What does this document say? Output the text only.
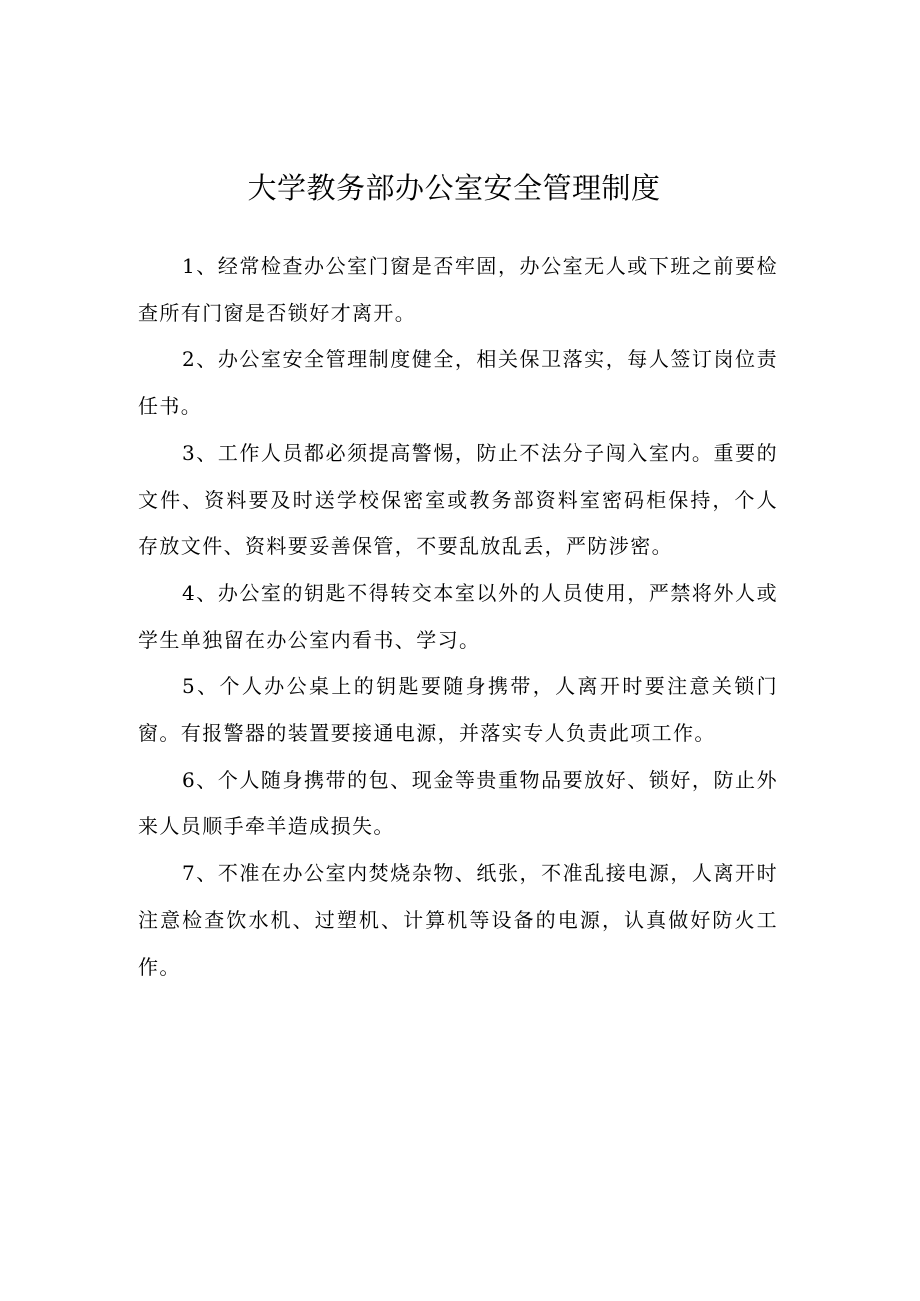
大学教务部办公室安全管理制度

1、经常检查办公室门窗是否牢固，办公室无人或下班之前要检查所有门窗是否锁好才离开。

2、办公室安全管理制度健全，相关保卫落实，每人签订岗位责任书。

3、工作人员都必须提高警惕，防止不法分子闯入室内。重要的文件、资料要及时送学校保密室或教务部资料室密码柜保持，个人存放文件、资料要妥善保管，不要乱放乱丢，严防涉密。

4、办公室的钥匙不得转交本室以外的人员使用，严禁将外人或学生单独留在办公室内看书、学习。

5、个人办公桌上的钥匙要随身携带，人离开时要注意关锁门窗。有报警器的装置要接通电源，并落实专人负责此项工作。

6、个人随身携带的包、现金等贵重物品要放好、锁好，防止外来人员顺手牵羊造成损失。

7、不准在办公室内焚烧杂物、纸张，不准乱接电源，人离开时注意检查饮水机、过塑机、计算机等设备的电源，认真做好防火工作。
